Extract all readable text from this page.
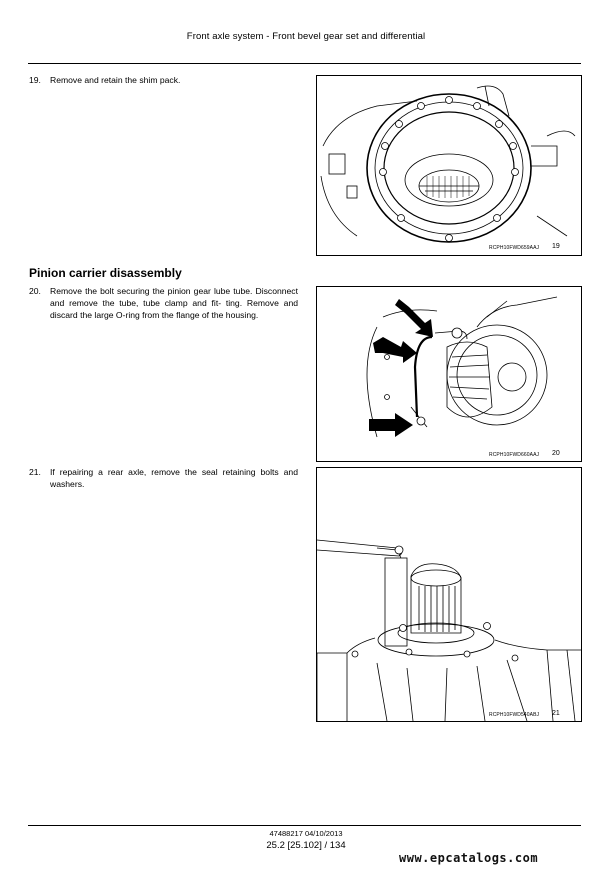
Front axle system - Front bevel gear set and differential
19. Remove and retain the shim pack.
RCPH10FWD659AAJ 19
Pinion carrier disassembly
20. Remove the bolt securing the pinion gear lube tube. Disconnect and remove the tube, tube clamp and fit- ting. Remove and discard the large O-ring from the flange of the housing.
RCPH10FWD660AAJ 20
21. If repairing a rear axle, remove the seal retaining bolts and washers.
RCPH10FWD540ABJ 21
47488217 04/10/2013
25.2 [25.102] / 134
www.epcatalogs.com
